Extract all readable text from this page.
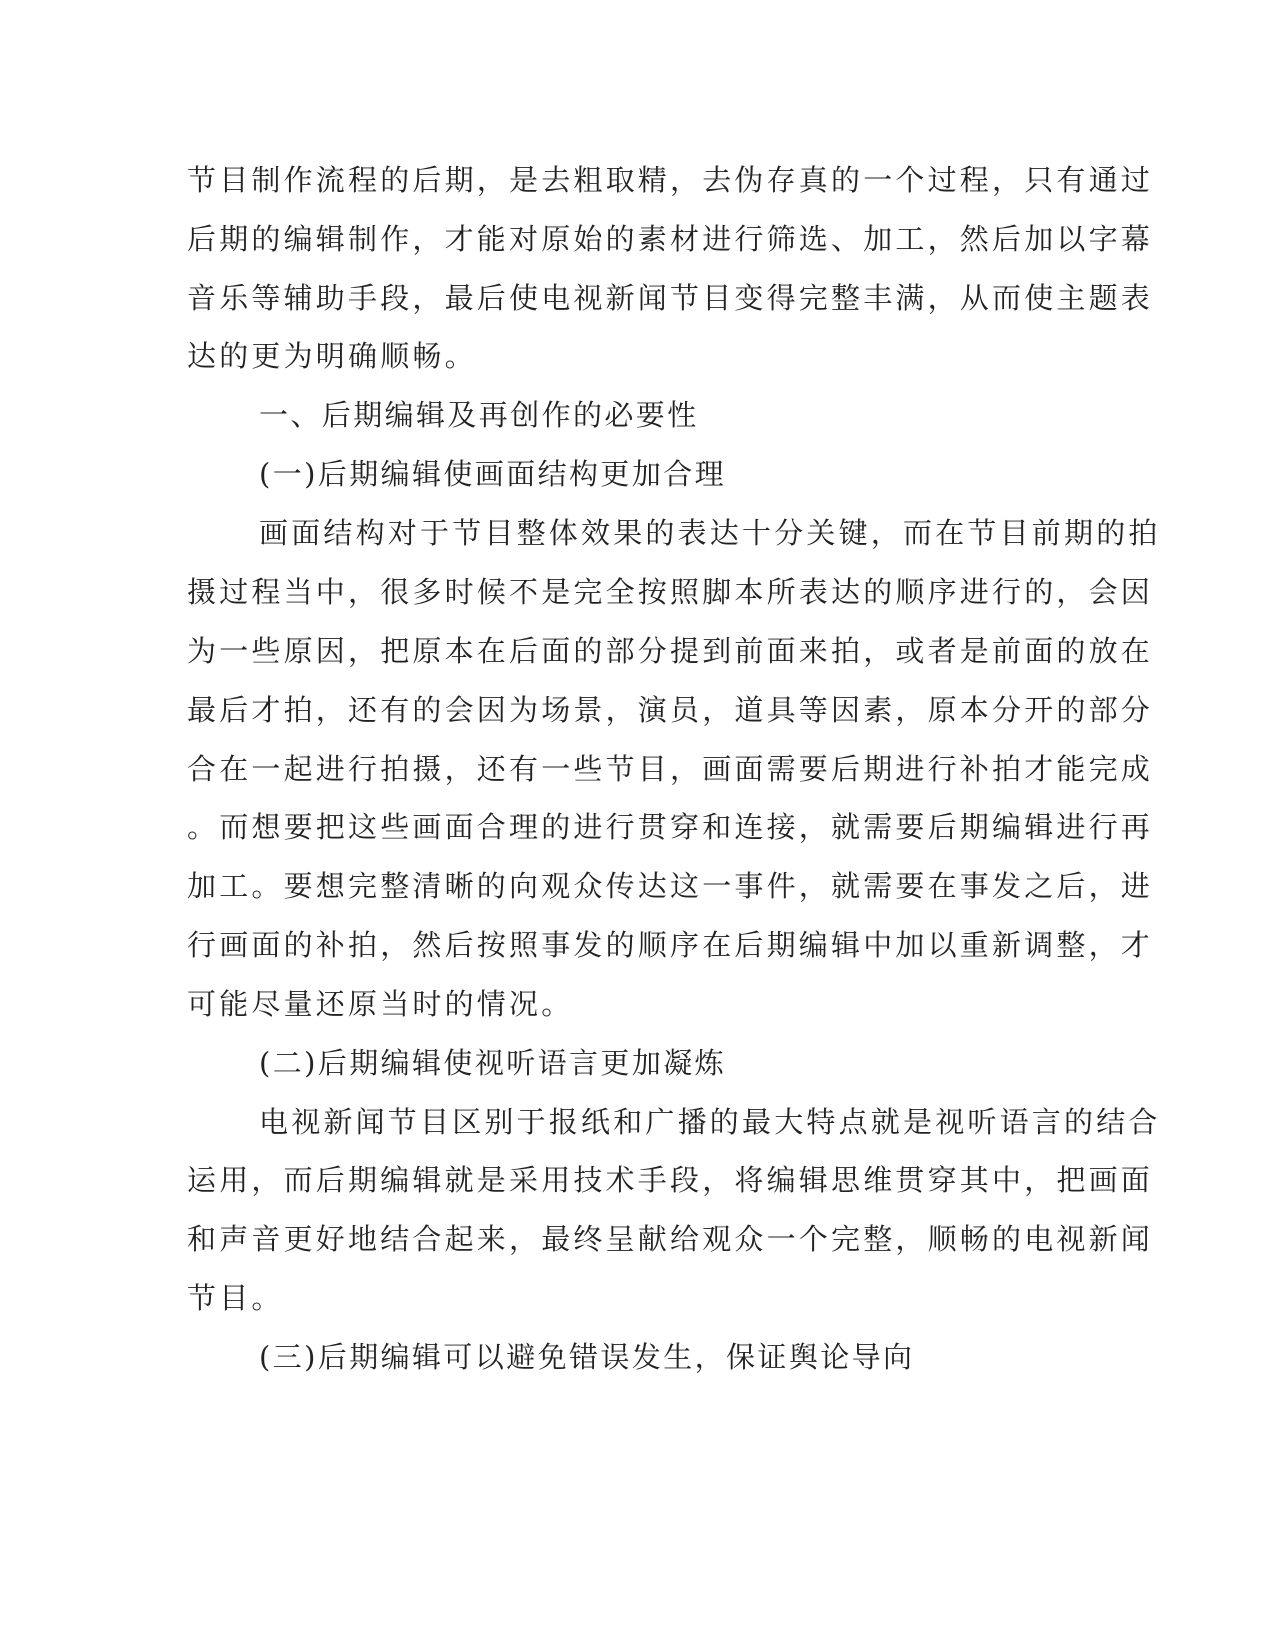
节目制作流程的后期，是去粗取精，去伪存真的一个过程，只有通过

后期的编辑制作，才能对原始的素材进行筛选、加工，然后加以字幕

音乐等辅助手段，最后使电视新闻节目变得完整丰满，从而使主题表

达的更为明确顺畅。

一、后期编辑及再创作的必要性

(一)后期编辑使画面结构更加合理

画面结构对于节目整体效果的表达十分关键，而在节目前期的拍

摄过程当中，很多时候不是完全按照脚本所表达的顺序进行的，会因

为一些原因，把原本在后面的部分提到前面来拍，或者是前面的放在

最后才拍，还有的会因为场景，演员，道具等因素，原本分开的部分

合在一起进行拍摄，还有一些节目，画面需要后期进行补拍才能完成

。而想要把这些画面合理的进行贯穿和连接，就需要后期编辑进行再

加工。要想完整清晰的向观众传达这一事件，就需要在事发之后，进

行画面的补拍，然后按照事发的顺序在后期编辑中加以重新调整，才

可能尽量还原当时的情况。

(二)后期编辑使视听语言更加凝炼

电视新闻节目区别于报纸和广播的最大特点就是视听语言的结合

运用，而后期编辑就是采用技术手段，将编辑思维贯穿其中，把画面

和声音更好地结合起来，最终呈献给观众一个完整，顺畅的电视新闻

节目。

(三)后期编辑可以避免错误发生，保证舆论导向
